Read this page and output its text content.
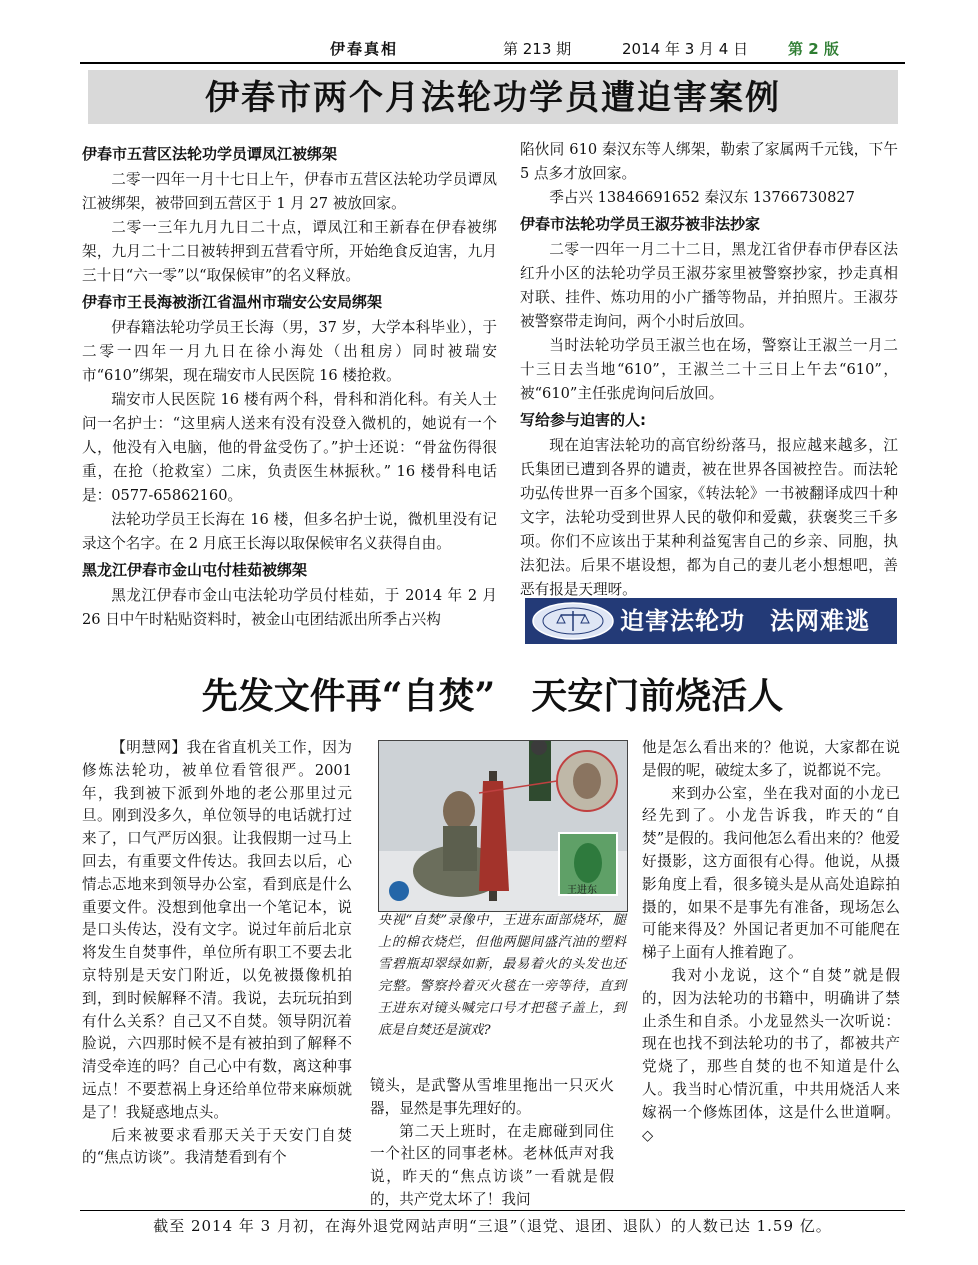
伊春真相	第 213 期	2014 年 3 月 4 日	第 2 版
伊春市两个月法轮功学员遭迫害案例
伊春市五营区法轮功学员谭凤江被绑架

二零一四年一月十七日上午，伊春市五营区法轮功学员谭凤江被绑架，被带回到五营区于 1 月 27 被放回家。

二零一三年九月九日二十点，谭凤江和王新春在伊春被绑架，九月二十二日被转押到五营看守所，开始绝食反迫害，九月三十日“六一零”以“取保候审”的名义释放。

伊春市王長海被浙江省温州市瑞安公安局绑架

伊春籍法轮功学员王长海（男，37 岁，大学本科毕业），于二零一四年一月九日在徐小海处（出租房）同时被瑞安市“610”绑架，现在瑞安市人民医院 16 楼抢救。

瑞安市人民医院 16 楼有两个科，骨科和消化科。有关人士问一名护士：“这里病人送来有没有没登入微机的，她说有一个人，他没有入电脑，他的骨盆受伤了。”护士还说：“骨盆伤得很重，在抢（抢救室）二床，负责医生林振秋。” 16 楼骨科电话是：0577-65862160。

法轮功学员王长海在 16 楼，但多名护士说，微机里没有记录这个名字。在 2 月底王长海以取保候审名义获得自由。

黑龙江伊春市金山屯付桂茹被绑架

黑龙江伊春市金山屯法轮功学员付桂茹，于 2014 年 2 月 26 日中午时粘贴资料时，被金山屯团结派出所季占兴构

陷伙同 610 秦汉东等人绑架，勒索了家属两千元钱，下午 5 点多才放回家。

季占兴 13846691652 秦汉东 13766730827

伊春市法轮功学员王淑芬被非法抄家

二零一四年一月二十二日，黑龙江省伊春市伊春区法红升小区的法轮功学员王淑芬家里被警察抄家，抄走真相对联、挂件、炼功用的小广播等物品，并拍照片。王淑芬被警察带走询问，两个小时后放回。

当时法轮功学员王淑兰也在场，警察让王淑兰一月二十三日去当地“610”，王淑兰二十三日上午去“610”，被“610”主任张虎询问后放回。

写给参与迫害的人:

现在迫害法轮功的高官纷纷落马，报应越来越多，江氏集团已遭到各界的谴责，被在世界各国被控告。而法轮功弘传世界一百多个国家，《转法轮》一书被翻译成四十种文字，法轮功受到世界人民的敬仰和爱戴，获褒奖三千多项。你们不应该出于某种利益冤害自己的乡亲、同胞，执法犯法。后果不堪设想，都为自己的妻儿老小想想吧，善恶有报是天理呀。

迫害法轮功　法网难逃
先发文件再“自焚”　天安门前烧活人

【明慧网】我在省直机关工作，因为修炼法轮功，被单位看管很严。2001 年，我到被下派到外地的老公那里过元旦。刚到没多久，单位领导的电话就打过来了，口气严厉凶狠。让我假期一过马上回去，有重要文件传达。我回去以后，心情忐忑地来到领导办公室，看到底是什么重要文件。没想到他拿出一个笔记本，说是口头传达，没有文字。说过年前后北京将发生自焚事件，单位所有职工不要去北京特别是天安门附近，以免被摄像机拍到，到时候解释不清。我说，去玩玩拍到有什么关系？自己又不自焚。领导阴沉着脸说，六四那时候不是有被拍到了解释不清受牵连的吗？自己心中有数，离这种事远点！不要惹祸上身还给单位带来麻烦就是了！我疑惑地点头。

后来被要求看那天关于天安门自焚的“焦点访谈”。我清楚看到有个

王进东
央视“自焚”录像中，王进东面部烧坏，腿上的棉衣烧烂，但他两腿间盛汽油的塑料雪碧瓶却翠绿如新，最易着火的头发也还完整。警察拎着灭火毯在一旁等待，直到王进东对镜头喊完口号才把毯子盖上，到底是自焚还是演戏?

镜头，是武警从雪堆里拖出一只灭火器，显然是事先理好的。

第二天上班时，在走廊碰到同住一个社区的同事老林。老林低声对我说，昨天的“焦点访谈”一看就是假的，共产党太坏了！我问

他是怎么看出来的？他说，大家都在说是假的呢，破绽太多了，说都说不完。

来到办公室，坐在我对面的小龙已经先到了。小龙告诉我，昨天的“自焚”是假的。我问他怎么看出来的？他爱好摄影，这方面很有心得。他说，从摄影角度上看，很多镜头是从高处追踪拍摄的，如果不是事先有准备，现场怎么可能来得及？外国记者更加不可能爬在梯子上面有人推着跑了。

我对小龙说，这个“自焚”就是假的，因为法轮功的书籍中，明确讲了禁止杀生和自杀。小龙显然头一次听说：现在也找不到法轮功的书了，都被共产党烧了，那些自焚的也不知道是什么人。我当时心情沉重，中共用烧活人来嫁祸一个修炼团体，这是什么世道啊。◇

截至 2014 年 3 月初，在海外退党网站声明“三退”（退党、退团、退队）的人数已达 1.59 亿。
